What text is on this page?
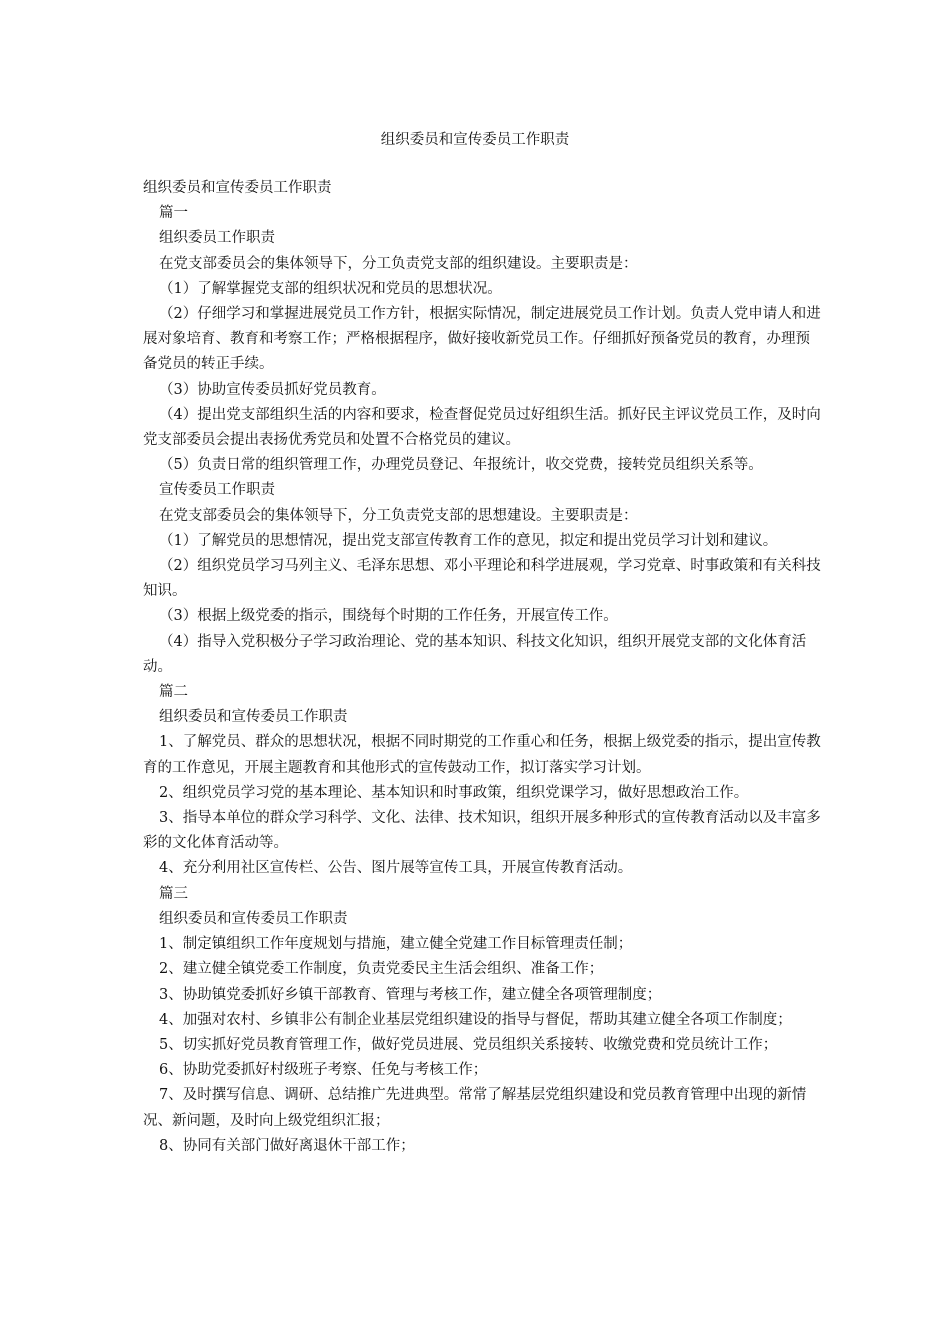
组织委员和宣传委员工作职责

组织委员和宣传委员工作职责

篇一

组织委员工作职责

在党支部委员会的集体领导下，分工负责党支部的组织建设。主要职责是：

（1）了解掌握党支部的组织状况和党员的思想状况。

（2）仔细学习和掌握进展党员工作方针，根据实际情况，制定进展党员工作计划。负责人党申请人和进展对象培育、教育和考察工作；严格根据程序，做好接收新党员工作。仔细抓好预备党员的教育，办理预备党员的转正手续。

（3）协助宣传委员抓好党员教育。

（4）提出党支部组织生活的内容和要求，检查督促党员过好组织生活。抓好民主评议党员工作，及时向党支部委员会提出表扬优秀党员和处置不合格党员的建议。

（5）负责日常的组织管理工作，办理党员登记、年报统计，收交党费，接转党员组织关系等。

宣传委员工作职责

在党支部委员会的集体领导下，分工负责党支部的思想建设。主要职责是：

（1）了解党员的思想情况，提出党支部宣传教育工作的意见，拟定和提出党员学习计划和建议。

（2）组织党员学习马列主义、毛泽东思想、邓小平理论和科学进展观，学习党章、时事政策和有关科技知识。

（3）根据上级党委的指示，围绕每个时期的工作任务，开展宣传工作。

（4）指导入党积极分子学习政治理论、党的基本知识、科技文化知识，组织开展党支部的文化体育活动。

篇二

组织委员和宣传委员工作职责

1、了解党员、群众的思想状况，根据不同时期党的工作重心和任务，根据上级党委的指示，提出宣传教育的工作意见，开展主题教育和其他形式的宣传鼓动工作，拟订落实学习计划。

2、组织党员学习党的基本理论、基本知识和时事政策，组织党课学习，做好思想政治工作。

3、指导本单位的群众学习科学、文化、法律、技术知识，组织开展多种形式的宣传教育活动以及丰富多彩的文化体育活动等。

4、充分利用社区宣传栏、公告、图片展等宣传工具，开展宣传教育活动。

篇三

组织委员和宣传委员工作职责

1、制定镇组织工作年度规划与措施，建立健全党建工作目标管理责任制；

2、建立健全镇党委工作制度，负责党委民主生活会组织、准备工作；

3、协助镇党委抓好乡镇干部教育、管理与考核工作，建立健全各项管理制度；

4、加强对农村、乡镇非公有制企业基层党组织建设的指导与督促，帮助其建立健全各项工作制度；

5、切实抓好党员教育管理工作，做好党员进展、党员组织关系接转、收缴党费和党员统计工作；

6、协助党委抓好村级班子考察、任免与考核工作；

7、及时撰写信息、调研、总结推广先进典型。常常了解基层党组织建设和党员教育管理中出现的新情况、新问题，及时向上级党组织汇报；

8、协同有关部门做好离退休干部工作；
